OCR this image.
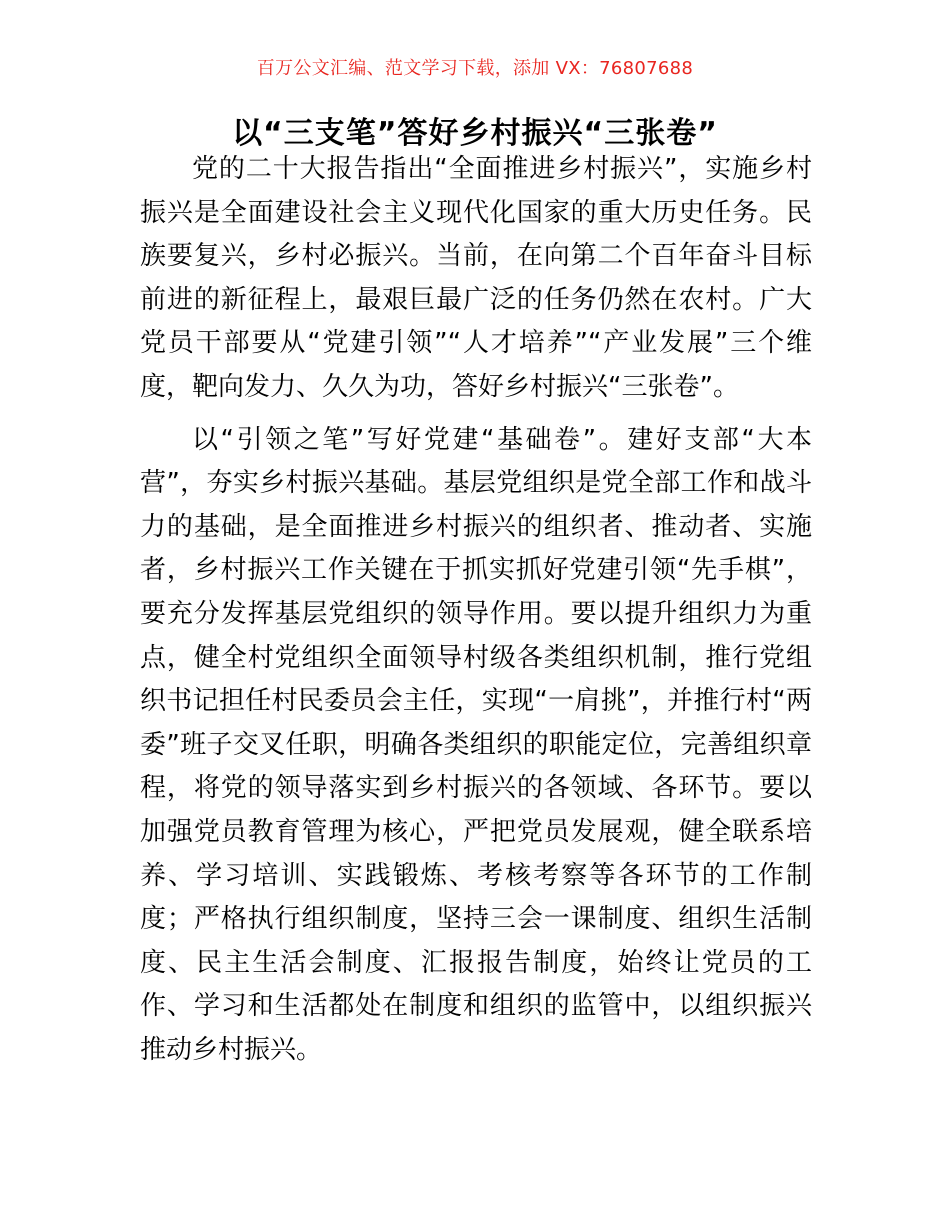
百万公文汇编、范文学习下载，添加 VX：76807688
以“三支笔”答好乡村振兴“三张卷”

党的二十大报告指出“全面推进乡村振兴”，实施乡村振兴是全面建设社会主义现代化国家的重大历史任务。民族要复兴，乡村必振兴。当前，在向第二个百年奋斗目标前进的新征程上，最艰巨最广泛的任务仍然在农村。广大党员干部要从“党建引领”“人才培养”“产业发展”三个维度，靶向发力、久久为功，答好乡村振兴“三张卷”。

以“引领之笔”写好党建“基础卷”。建好支部“大本营”，夯实乡村振兴基础。基层党组织是党全部工作和战斗力的基础，是全面推进乡村振兴的组织者、推动者、实施者，乡村振兴工作关键在于抓实抓好党建引领“先手棋”，要充分发挥基层党组织的领导作用。要以提升组织力为重点，健全村党组织全面领导村级各类组织机制，推行党组织书记担任村民委员会主任，实现“一肩挑”，并推行村“两委”班子交叉任职，明确各类组织的职能定位，完善组织章程，将党的领导落实到乡村振兴的各领域、各环节。要以加强党员教育管理为核心，严把党员发展观，健全联系培养、学习培训、实践锻炼、考核考察等各环节的工作制度；严格执行组织制度，坚持三会一课制度、组织生活制度、民主生活会制度、汇报报告制度，始终让党员的工作、学习和生活都处在制度和组织的监管中，以组织振兴推动乡村振兴。
